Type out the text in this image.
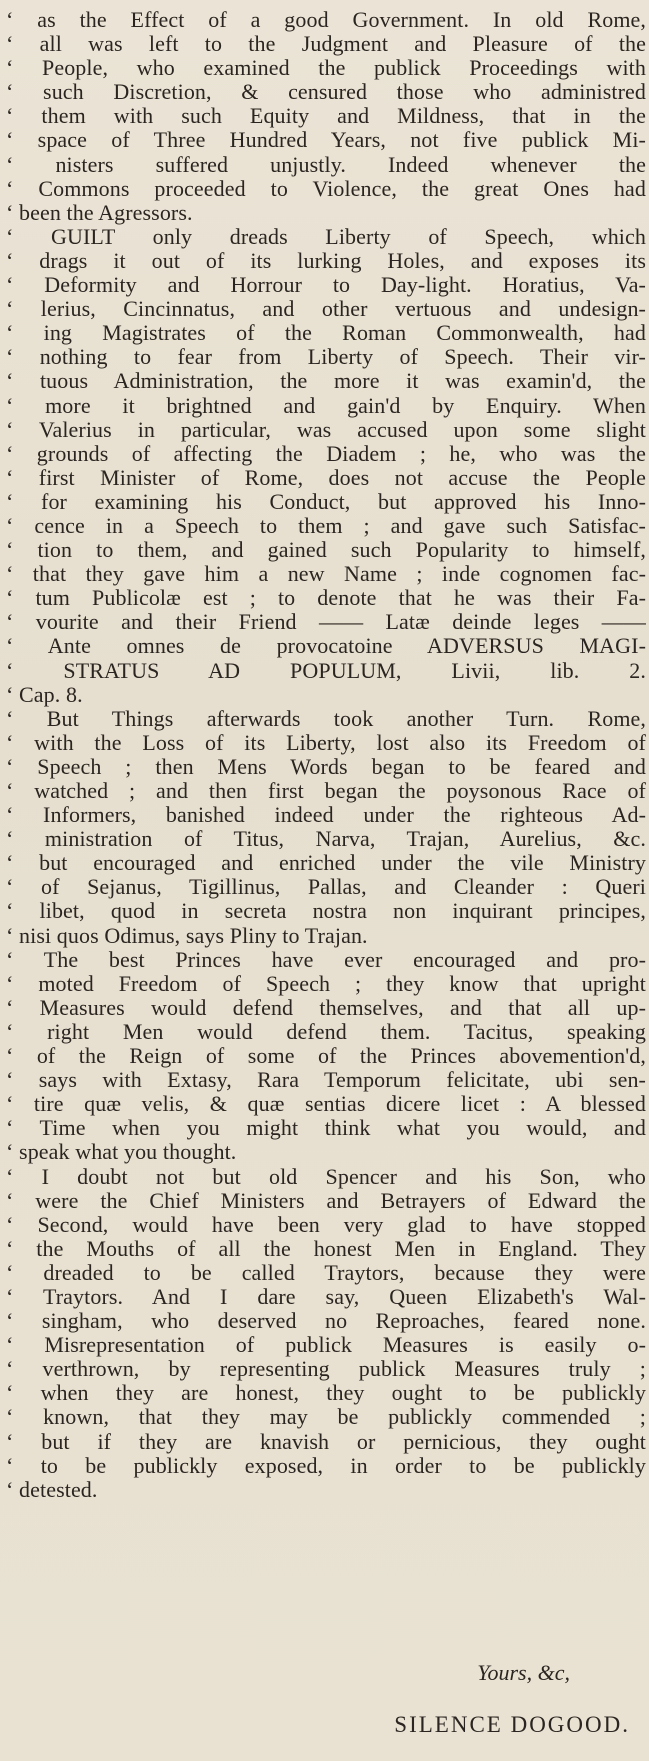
‘ as the Effect of a good Government. In old Rome,
‘ all was left to the Judgment and Pleasure of the
‘ People, who examined the publick Proceedings with
‘ such Discretion, & censured those who administred
‘ them with such Equity and Mildness, that in the
‘ space of Three Hundred Years, not five publick Mi-
‘ nisters suffered unjustly. Indeed whenever the
‘ Commons proceeded to Violence, the great Ones had
‘ been the Agressors.
‘ GUILT only dreads Liberty of Speech, which
‘ drags it out of its lurking Holes, and exposes its
‘ Deformity and Horrour to Day-light. Horatius, Va-
‘ lerius, Cincinnatus, and other vertuous and undesign-
‘ ing Magistrates of the Roman Commonwealth, had
‘ nothing to fear from Liberty of Speech. Their vir-
‘ tuous Administration, the more it was examin'd, the
‘ more it brightned and gain'd by Enquiry. When
‘ Valerius in particular, was accused upon some slight
‘ grounds of affecting the Diadem ; he, who was the
‘ first Minister of Rome, does not accuse the People
‘ for examining his Conduct, but approved his Inno-
‘ cence in a Speech to them ; and gave such Satisfac-
‘ tion to them, and gained such Popularity to himself,
‘ that they gave him a new Name ; inde cognomen fac-
‘ tum Publicolæ est ; to denote that he was their Fa-
‘ vourite and their Friend —— Latæ deinde leges ——
‘ Ante omnes de provocatoine ADVERSUS MAGI-
‘ STRATUS AD POPULUM, Livii, lib. 2.
‘ Cap. 8.
‘ But Things afterwards took another Turn. Rome,
‘ with the Loss of its Liberty, lost also its Freedom of
‘ Speech ; then Mens Words began to be feared and
‘ watched ; and then first began the poysonous Race of
‘ Informers, banished indeed under the righteous Ad-
‘ ministration of Titus, Narva, Trajan, Aurelius, &c.
‘ but encouraged and enriched under the vile Ministry
‘ of Sejanus, Tigillinus, Pallas, and Cleander : Queri
‘ libet, quod in secreta nostra non inquirant principes,
‘ nisi quos Odimus, says Pliny to Trajan.
‘ The best Princes have ever encouraged and pro-
‘ moted Freedom of Speech ; they know that upright
‘ Measures would defend themselves, and that all up-
‘ right Men would defend them. Tacitus, speaking
‘ of the Reign of some of the Princes abovemention'd,
‘ says with Extasy, Rara Temporum felicitate, ubi sen-
‘ tire quæ velis, & quæ sentias dicere licet : A blessed
‘ Time when you might think what you would, and
‘ speak what you thought.
‘ I doubt not but old Spencer and his Son, who
‘ were the Chief Ministers and Betrayers of Edward the
‘ Second, would have been very glad to have stopped
‘ the Mouths of all the honest Men in England. They
‘ dreaded to be called Traytors, because they were
‘ Traytors. And I dare say, Queen Elizabeth's Wal-
‘ singham, who deserved no Reproaches, feared none.
‘ Misrepresentation of publick Measures is easily o-
‘ verthrown, by representing publick Measures truly ;
‘ when they are honest, they ought to be publickly
‘ known, that they may be publickly commended ;
‘ but if they are knavish or pernicious, they ought
‘ to be publickly exposed, in order to be publickly
‘ detested.
Yours, &c,
SILENCE DOGOOD.
